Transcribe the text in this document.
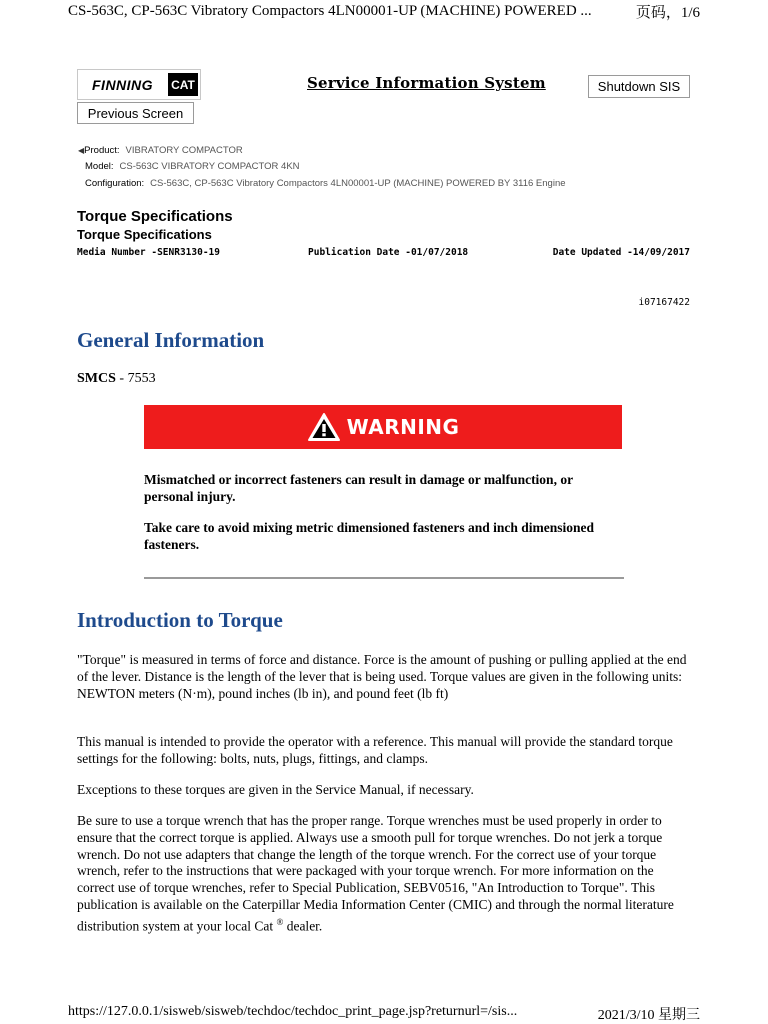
CS-563C, CP-563C Vibratory Compactors 4LN00001-UP (MACHINE) POWERED ...	页码，1/6
FINNING	CAT	Service Information System	Shutdown SIS
Previous Screen
◀Product: VIBRATORY COMPACTOR
Model: CS-563C VIBRATORY COMPACTOR 4KN
Configuration: CS-563C, CP-563C Vibratory Compactors 4LN00001-UP (MACHINE) POWERED BY 3116 Engine
Torque Specifications
Torque Specifications
Media Number -SENR3130-19	Publication Date -01/07/2018	Date Updated -14/09/2017
i07167422
General Information
SMCS - 7553
WARNING

Mismatched or incorrect fasteners can result in damage or malfunction, or personal injury.

Take care to avoid mixing metric dimensioned fasteners and inch dimensioned fasteners.

Introduction to Torque

"Torque" is measured in terms of force and distance. Force is the amount of pushing or pulling applied at the end of the lever. Distance is the length of the lever that is being used. Torque values are given in the following units: NEWTON meters (N·m), pound inches (lb in), and pound feet (lb ft)

This manual is intended to provide the operator with a reference. This manual will provide the standard torque settings for the following: bolts, nuts, plugs, fittings, and clamps.

Exceptions to these torques are given in the Service Manual, if necessary.

Be sure to use a torque wrench that has the proper range. Torque wrenches must be used properly in order to ensure that the correct torque is applied. Always use a smooth pull for torque wrenches. Do not jerk a torque wrench. Do not use adapters that change the length of the torque wrench. For the correct use of your torque wrench, refer to the instructions that were packaged with your torque wrench. For more information on the correct use of torque wrenches, refer to Special Publication, SEBV0516, "An Introduction to Torque". This publication is available on the Caterpillar Media Information Center (CMIC) and through the normal literature distribution system at your local Cat ® dealer.

https://127.0.0.1/sisweb/sisweb/techdoc/techdoc_print_page.jsp?returnurl=/sis...	2021/3/10 星期三
